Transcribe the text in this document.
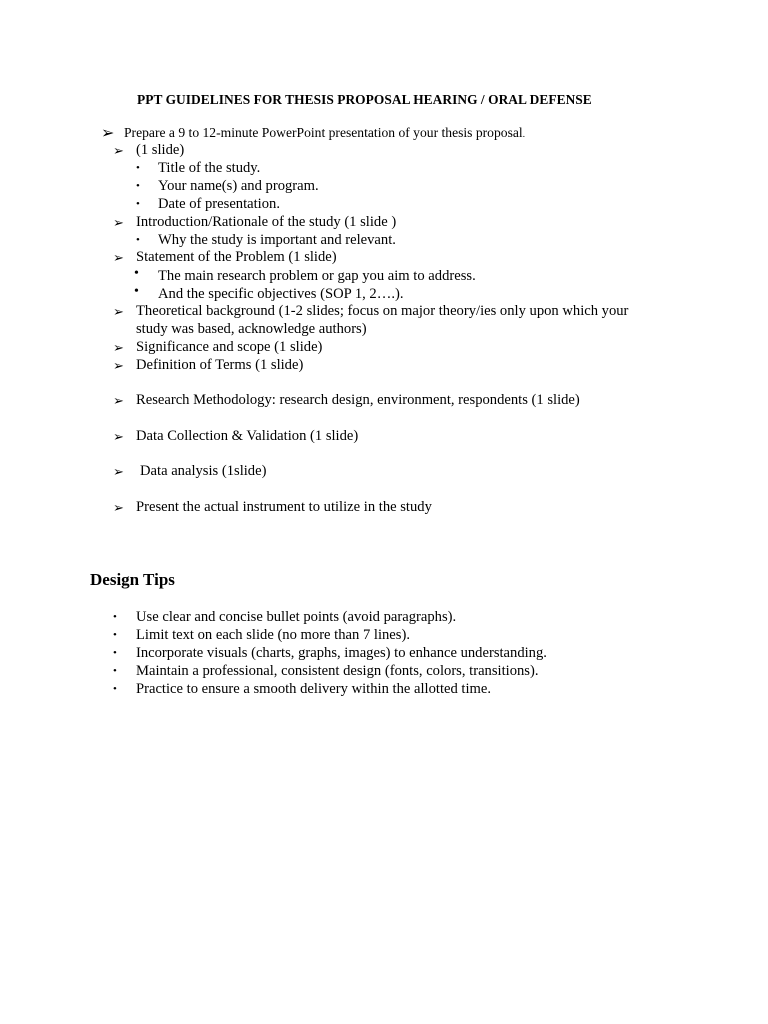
PPT GUIDELINES FOR THESIS PROPOSAL HEARING / ORAL DEFENSE
➢ Prepare a 9 to 12-minute PowerPoint presentation of your thesis proposal.
➢ (1 slide)
• Title of the study.
• Your name(s) and program.
• Date of presentation.
➢ Introduction/Rationale of the study (1 slide )
• Why the study is important and relevant.
➢ Statement of the Problem (1 slide)
• The main research problem or gap you aim to address.
• And the specific objectives (SOP 1, 2….).
➢ Theoretical background (1-2 slides; focus on major theory/ies only upon which your
study was based, acknowledge authors)
➢ Significance and scope (1 slide)
➢ Definition of Terms (1 slide)
➢ Research Methodology: research design, environment, respondents (1 slide)
➢ Data Collection & Validation (1 slide)
➢ Data analysis (1slide)
➢ Present the actual instrument to utilize in the study
Design Tips
• Use clear and concise bullet points (avoid paragraphs).
• Limit text on each slide (no more than 7 lines).
• Incorporate visuals (charts, graphs, images) to enhance understanding.
• Maintain a professional, consistent design (fonts, colors, transitions).
• Practice to ensure a smooth delivery within the allotted time.
